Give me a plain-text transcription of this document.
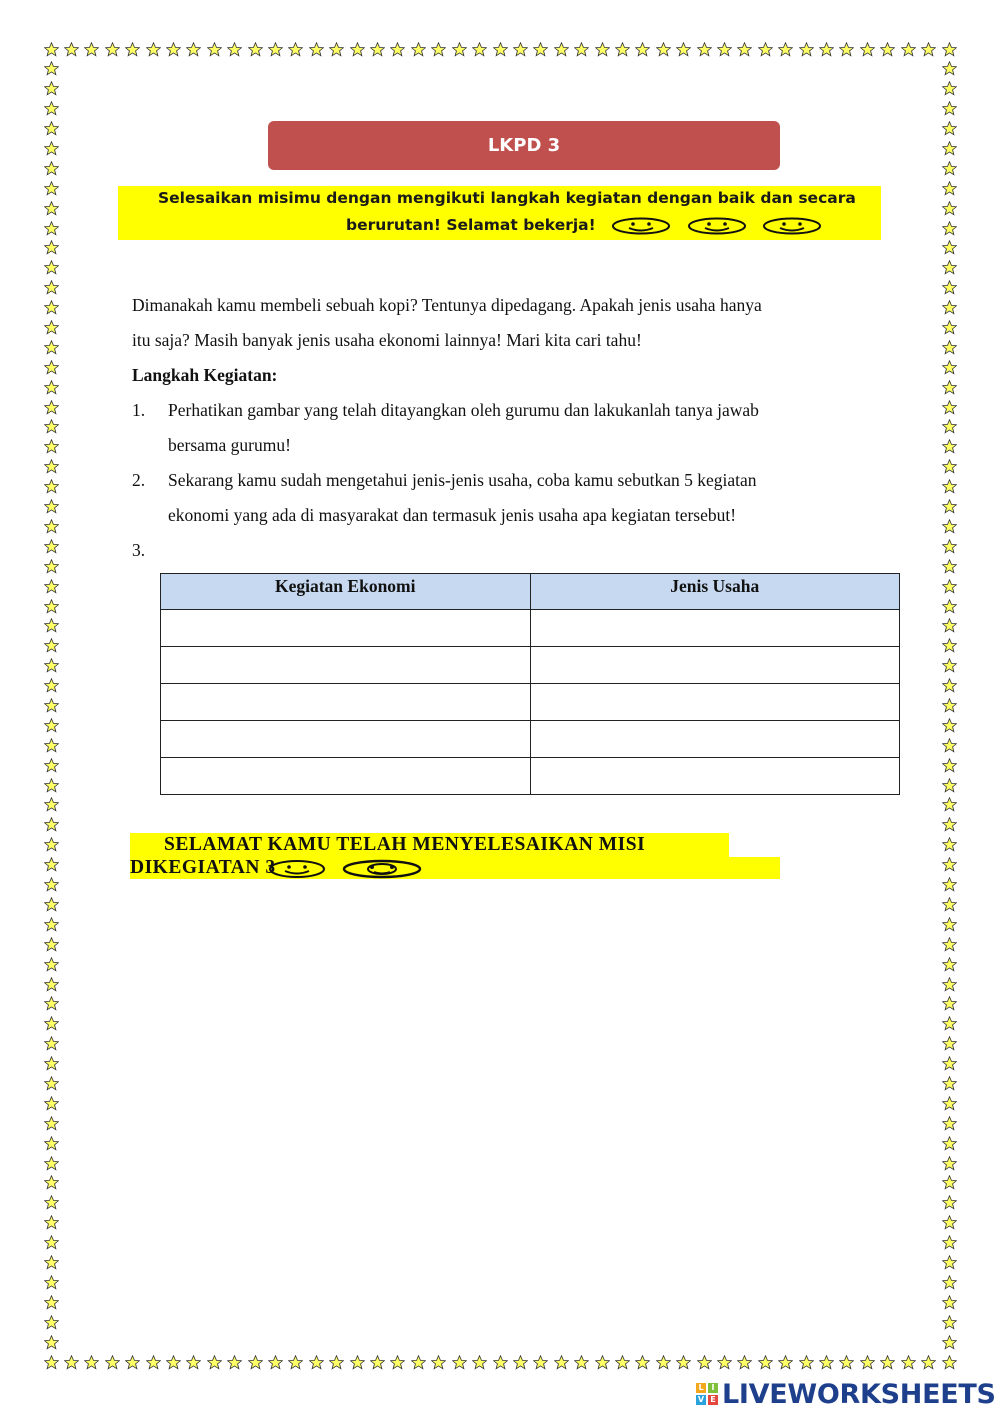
LKPD 3
Selesaikan misimu dengan mengikuti langkah kegiatan dengan baik dan secara
berurutan! Selamat bekerja!
Dimanakah kamu membeli sebuah kopi? Tentunya dipedagang. Apakah jenis usaha hanya
itu saja? Masih banyak jenis usaha ekonomi lainnya! Mari kita cari tahu!
Langkah Kegiatan:
1. Perhatikan gambar yang telah ditayangkan oleh gurumu dan lakukanlah tanya jawab
bersama gurumu!
2. Sekarang kamu sudah mengetahui jenis-jenis usaha, coba kamu sebutkan 5 kegiatan
ekonomi yang ada di masyarakat dan termasuk jenis usaha apa kegiatan tersebut!
3.
Kegiatan Ekonomi	Jenis Usaha

SELAMAT KAMU TELAH MENYELESAIKAN MISI
DIKEGIATAN 3
L I
V E LIVEWORKSHEETS
